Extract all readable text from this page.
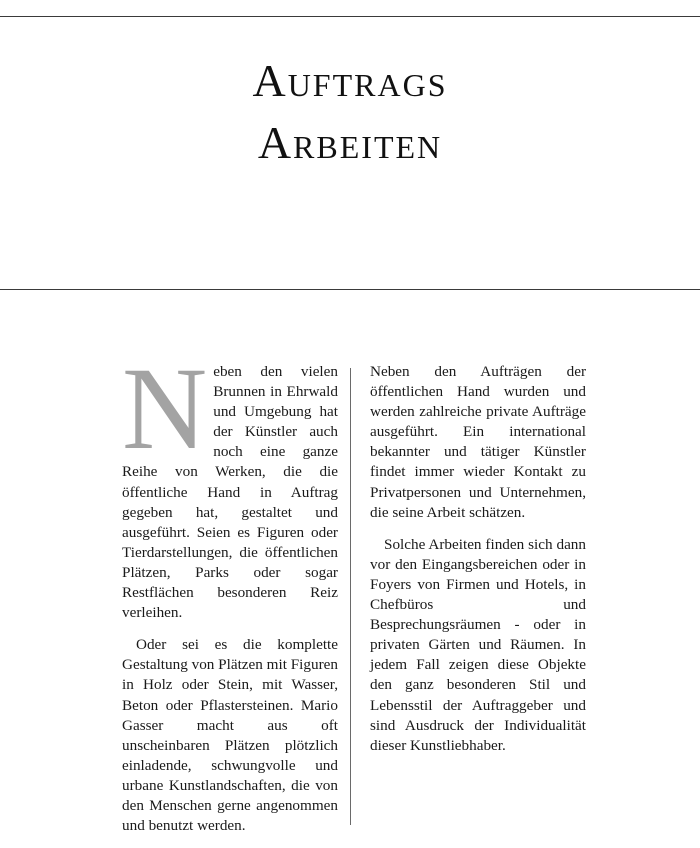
Auftrags
Arbeiten

Neben den vielen Brunnen in Ehrwald und Umgebung hat der Künstler auch noch eine ganze Reihe von Werken, die die öffentliche Hand in Auftrag gegeben hat, gestaltet und ausgeführt. Seien es Figuren oder Tierdarstellungen, die öffentlichen Plätzen, Parks oder sogar Restflächen besonderen Reiz verleihen.

Oder sei es die komplette Gestaltung von Plätzen mit Figuren in Holz oder Stein, mit Wasser, Beton oder Pflastersteinen. Mario Gasser macht aus oft unscheinbaren Plätzen plötzlich einladende, schwungvolle und urbane Kunstlandschaften, die von den Menschen gerne angenommen und benutzt werden.

Neben den Aufträgen der öffentlichen Hand wurden und werden zahlreiche private Aufträge ausgeführt. Ein international bekannter und tätiger Künstler findet immer wieder Kontakt zu Privatpersonen und Unternehmen, die seine Arbeit schätzen.

Solche Arbeiten finden sich dann vor den Eingangsbereichen oder in Foyers von Firmen und Hotels, in Chefbüros und Besprechungsräumen - oder in privaten Gärten und Räumen. In jedem Fall zeigen diese Objekte den ganz besonderen Stil und Lebensstil der Auftraggeber und sind Ausdruck der Individualität dieser Kunstliebhaber.
